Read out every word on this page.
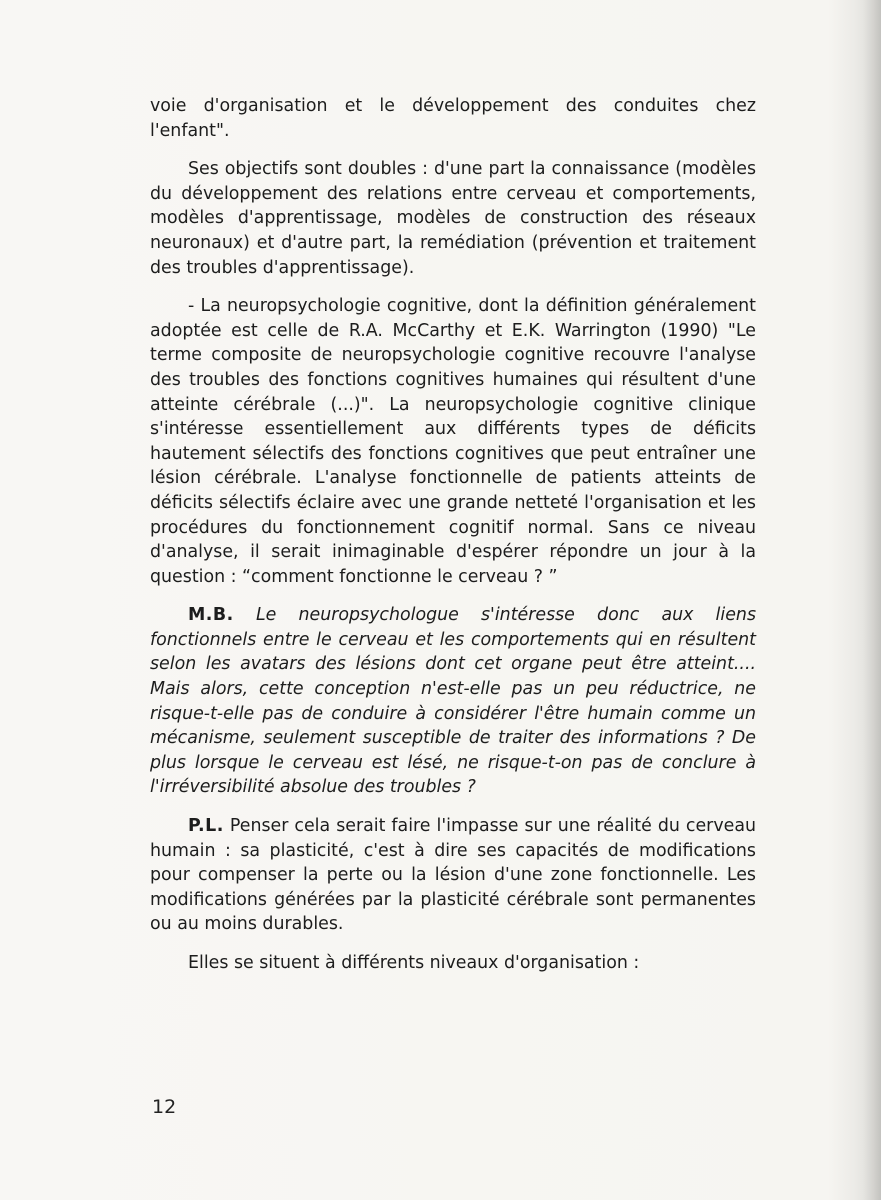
voie d'organisation et le développement des conduites chez l'enfant".

Ses objectifs sont doubles : d'une part la connaissance (modèles du développement des relations entre cerveau et comportements, modèles d'apprentissage, modèles de construction des réseaux neuronaux) et d'autre part, la remédiation (prévention et traitement des troubles d'apprentissage).

- La neuropsychologie cognitive, dont la définition généralement adoptée est celle de R.A. McCarthy et E.K. Warrington (1990) "Le terme composite de neuropsychologie cognitive recouvre l'analyse des troubles des fonctions cognitives humaines qui résultent d'une atteinte cérébrale (...)". La neuropsychologie cognitive clinique s'intéresse essentiellement aux différents types de déficits hautement sélectifs des fonctions cognitives que peut entraîner une lésion cérébrale. L'analyse fonctionnelle de patients atteints de déficits sélectifs éclaire avec une grande netteté l'organisation et les procédures du fonctionnement cognitif normal. Sans ce niveau d'analyse, il serait inimaginable d'espérer répondre un jour à la question : “comment fonctionne le cerveau ? ”

M.B. Le neuropsychologue s'intéresse donc aux liens fonctionnels entre le cerveau et les comportements qui en résultent selon les avatars des lésions dont cet organe peut être atteint.... Mais alors, cette conception n'est-elle pas un peu réductrice, ne risque-t-elle pas de conduire à considérer l'être humain comme un mécanisme, seulement susceptible de traiter des informations ? De plus lorsque le cerveau est lésé, ne risque-t-on pas de conclure à l'irréversibilité absolue des troubles ?

P.L. Penser cela serait faire l'impasse sur une réalité du cerveau humain : sa plasticité, c'est à dire ses capacités de modifications pour compenser la perte ou la lésion d'une zone fonctionnelle. Les modifications générées par la plasticité cérébrale sont permanentes ou au moins durables.

Elles se situent à différents niveaux d'organisation :

12
